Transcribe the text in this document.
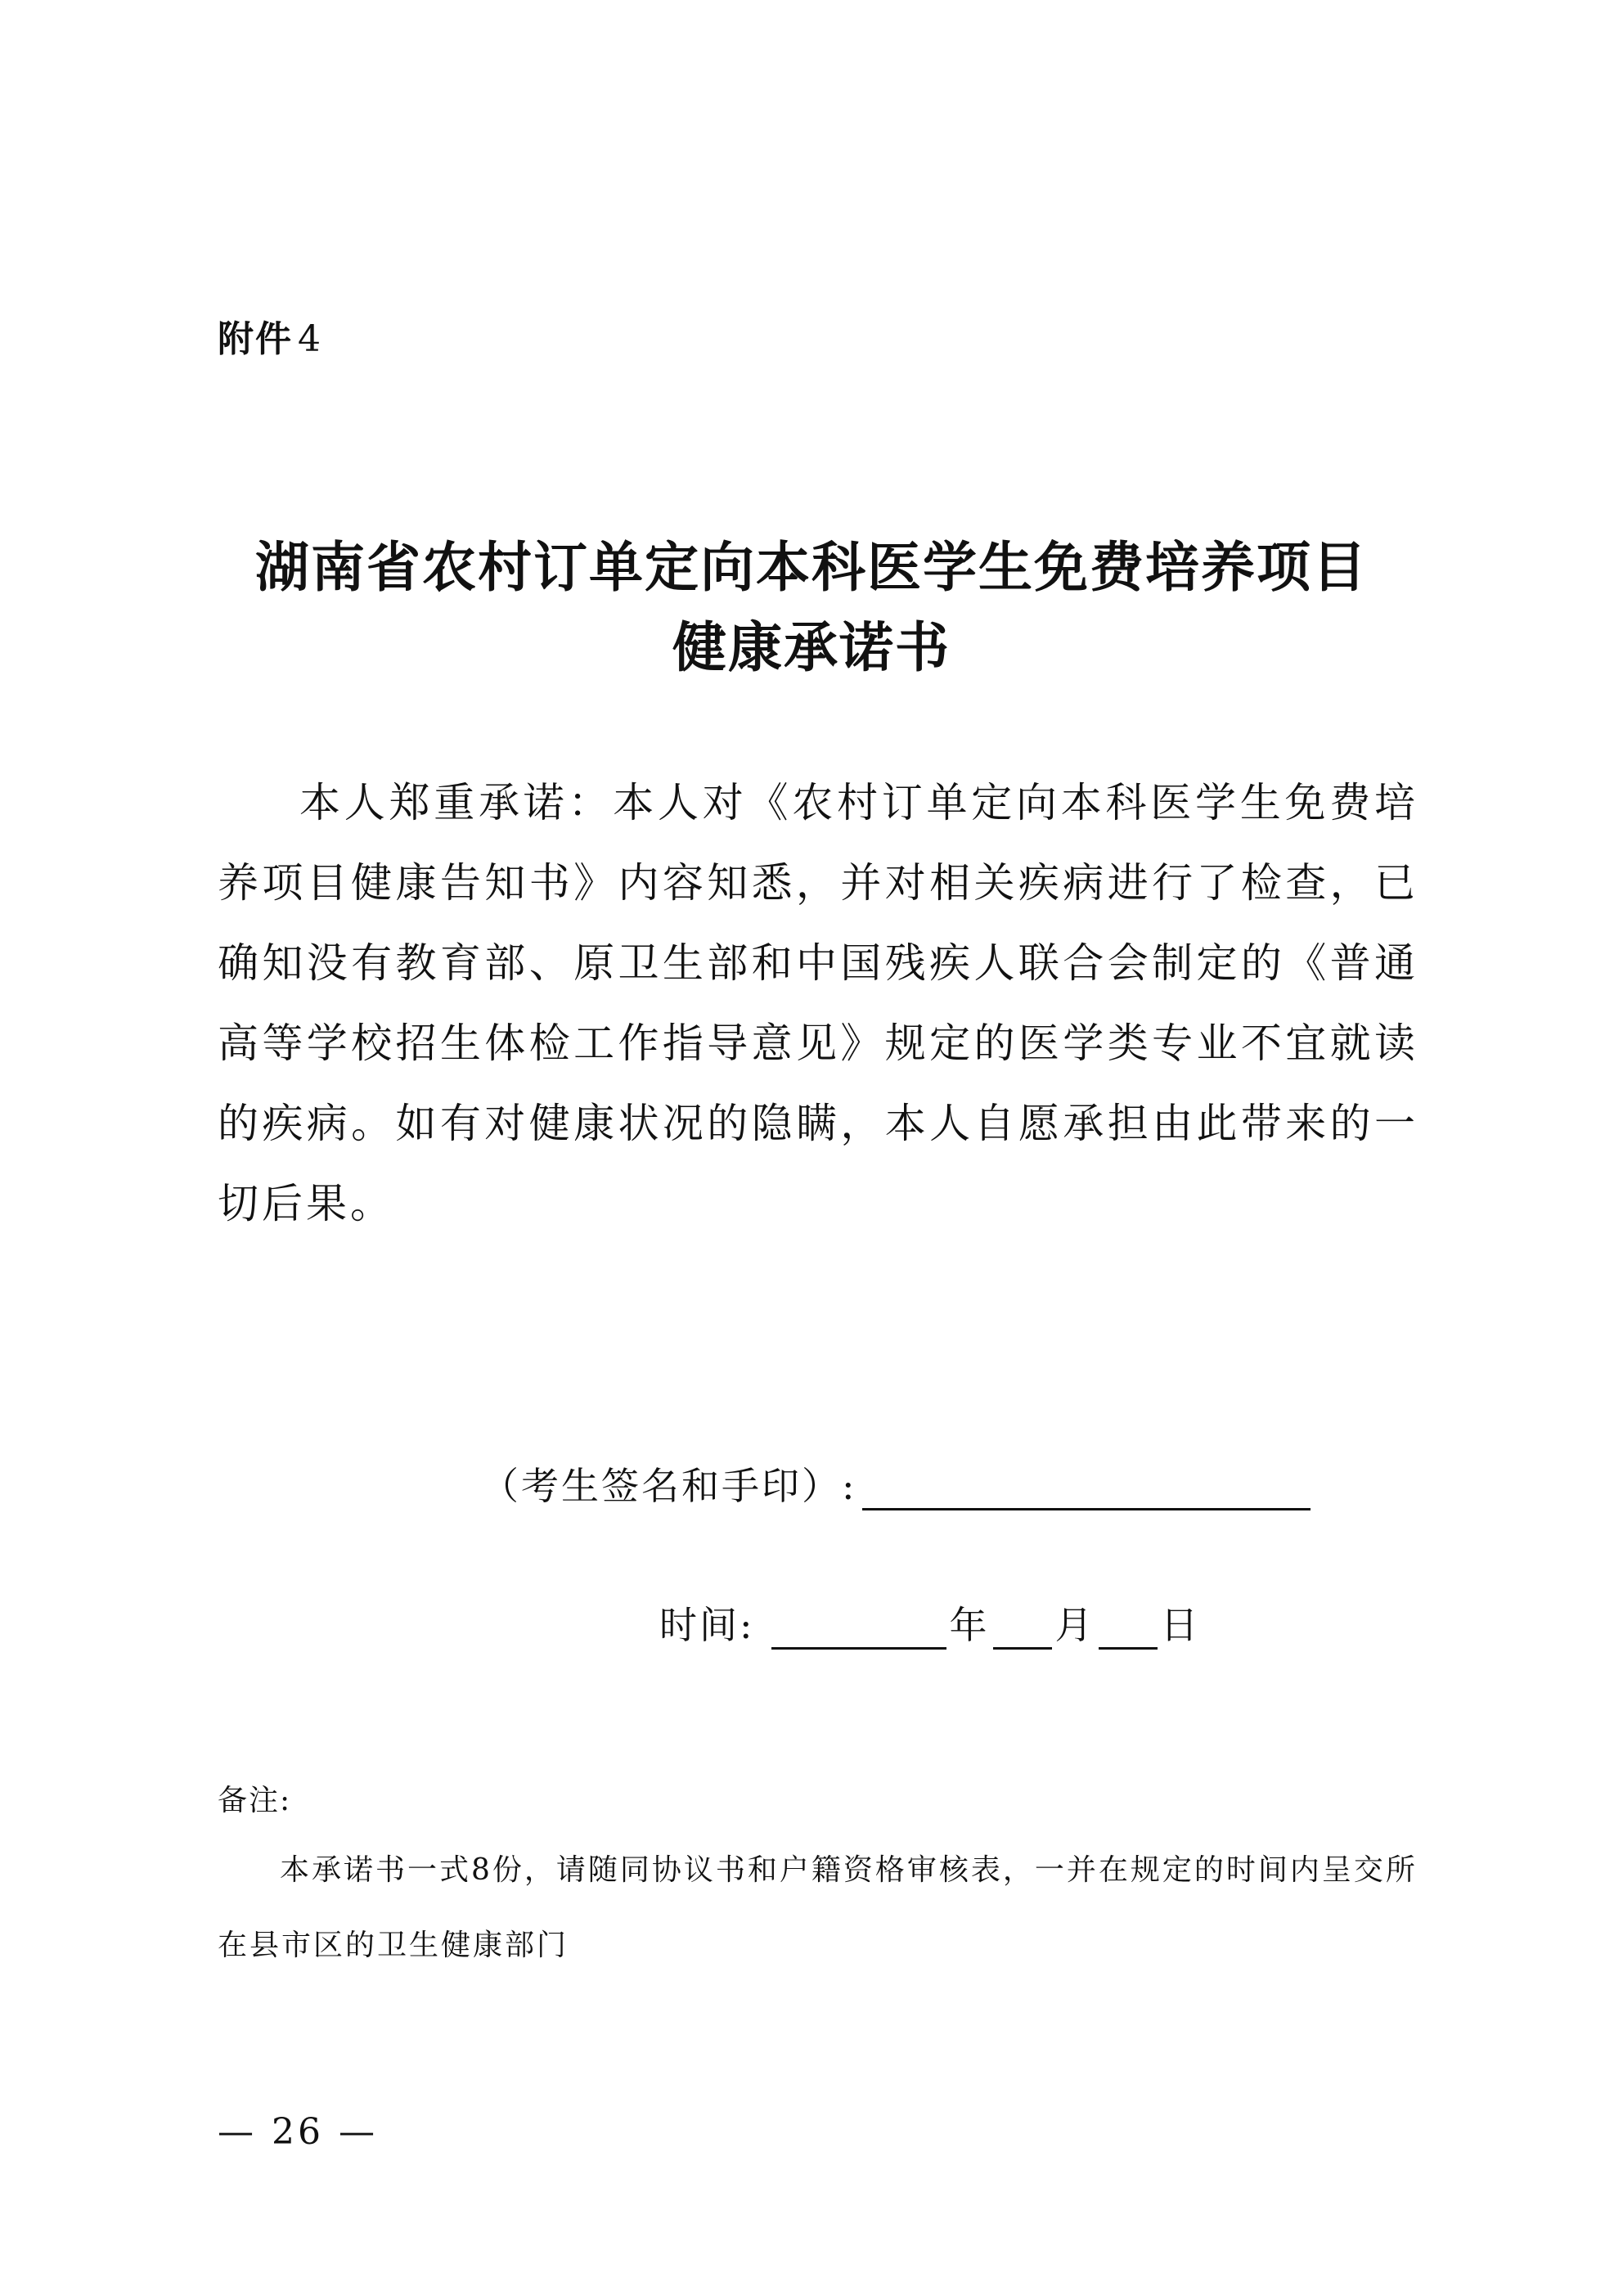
附件 4
湖南省农村订单定向本科医学生免费培养项目
健康承诺书

本人郑重承诺：本人对《农村订单定向本科医学生免费培养项目健康告知书》内容知悉，并对相关疾病进行了检查，已确知没有教育部、原卫生部和中国残疾人联合会制定的《普通高等学校招生体检工作指导意见》规定的医学类专业不宜就读的疾病。如有对健康状况的隐瞒，本人自愿承担由此带来的一切后果。

（考生签名和手印）:
时间:	年 月 日
备注:

本承诺书一式8份，请随同协议书和户籍资格审核表，一并在规定的时间内呈交所在县市区的卫生健康部门

— 26 —
